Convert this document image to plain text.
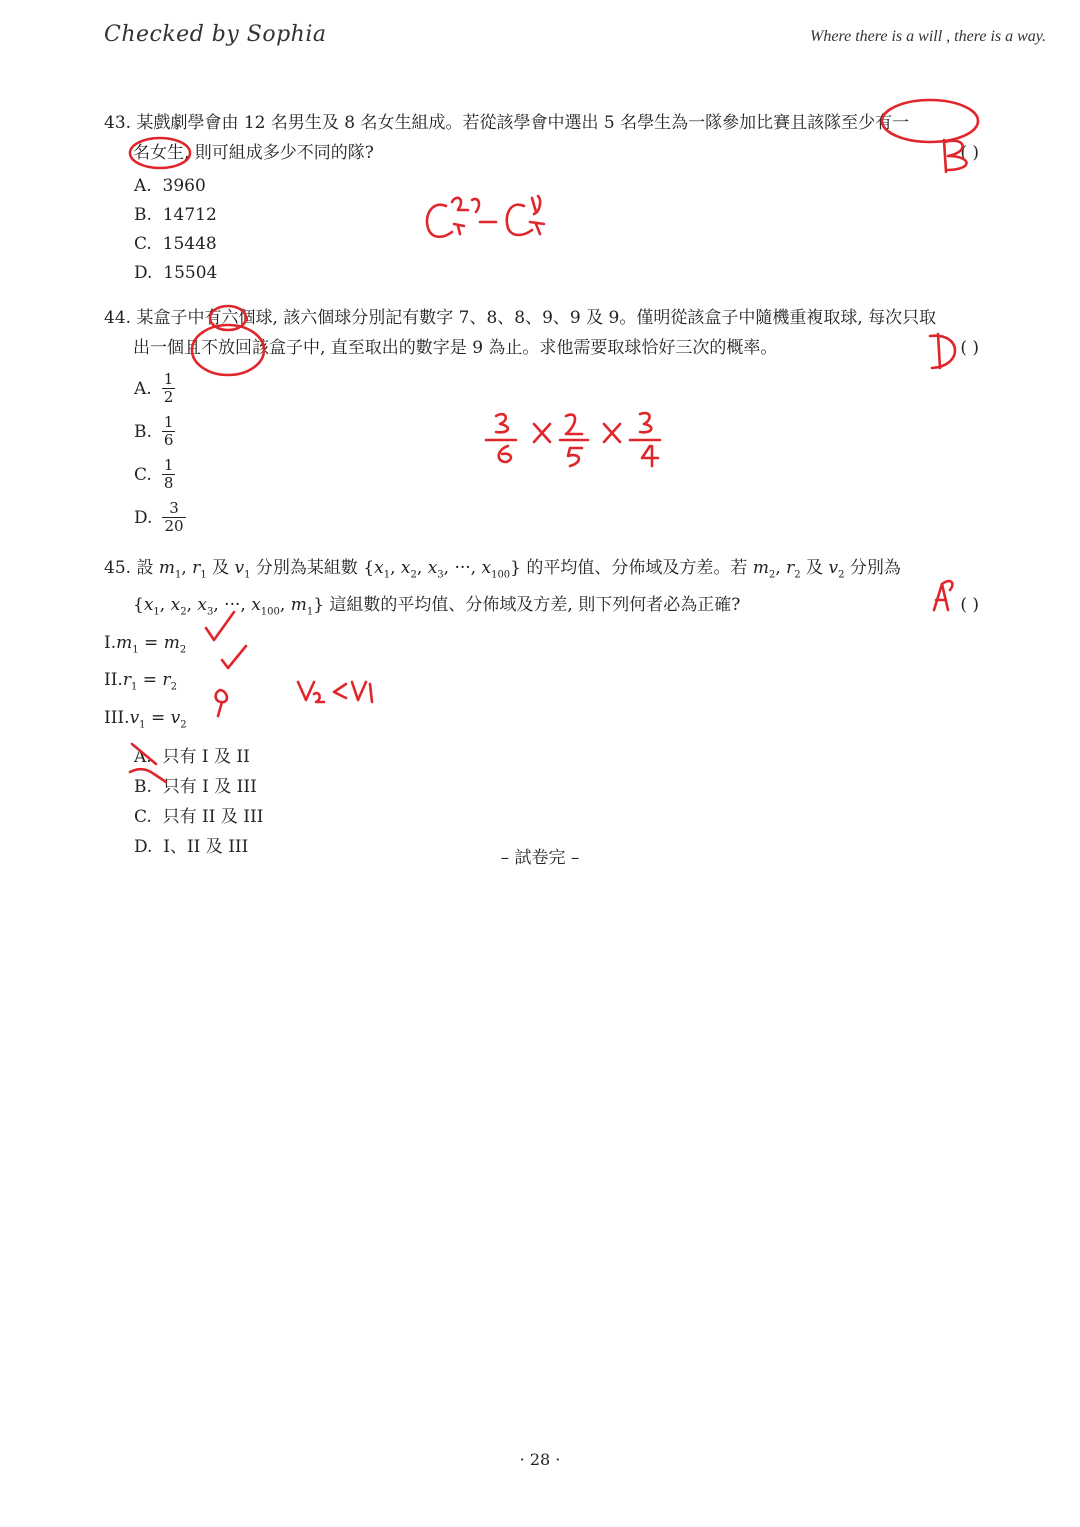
Checked by Sophia	Where there is a will , there is a way.
43. 某戲劇學會由 12 名男生及 8 名女生組成。若從該學會中選出 5 名學生為一隊參加比賽且該隊至少有一
名女生, 則可組成多少不同的隊?	( )
A. 3960
B. 14712
C. 15448
D. 15504
44. 某盒子中有六個球, 該六個球分別記有數字 7、8、8、9、9 及 9。僅明從該盒子中隨機重複取球, 每次只取
出一個且不放回該盒子中, 直至取出的數字是 9 為止。求他需要取球恰好三次的概率。	( )
A. $\frac{1}{2}$
B. $\frac{1}{6}$
C. $\frac{1}{8}$
D. $\frac{3}{20}$
45. 設 $m_1$, $r_1$ 及 $v_1$ 分別為某組數 {$x_1$, $x_2$, $x_3$, ···, $x_{100}$} 的平均值、分佈域及方差。若 $m_2$, $r_2$ 及 $v_2$ 分別為
{$x_1$, $x_2$, $x_3$, ···, $x_{100}$, $m_1$} 這組數的平均值、分佈域及方差, 則下列何者必為正確?	( )
$I.m_1 = m_2$
$II.r_1 = r_2$
$III.v_1 = v_2$
A. 只有 I 及 II
B. 只有 I 及 III
C. 只有 II 及 III
D. I、II 及 III
– 試卷完 –
· 28 ·
